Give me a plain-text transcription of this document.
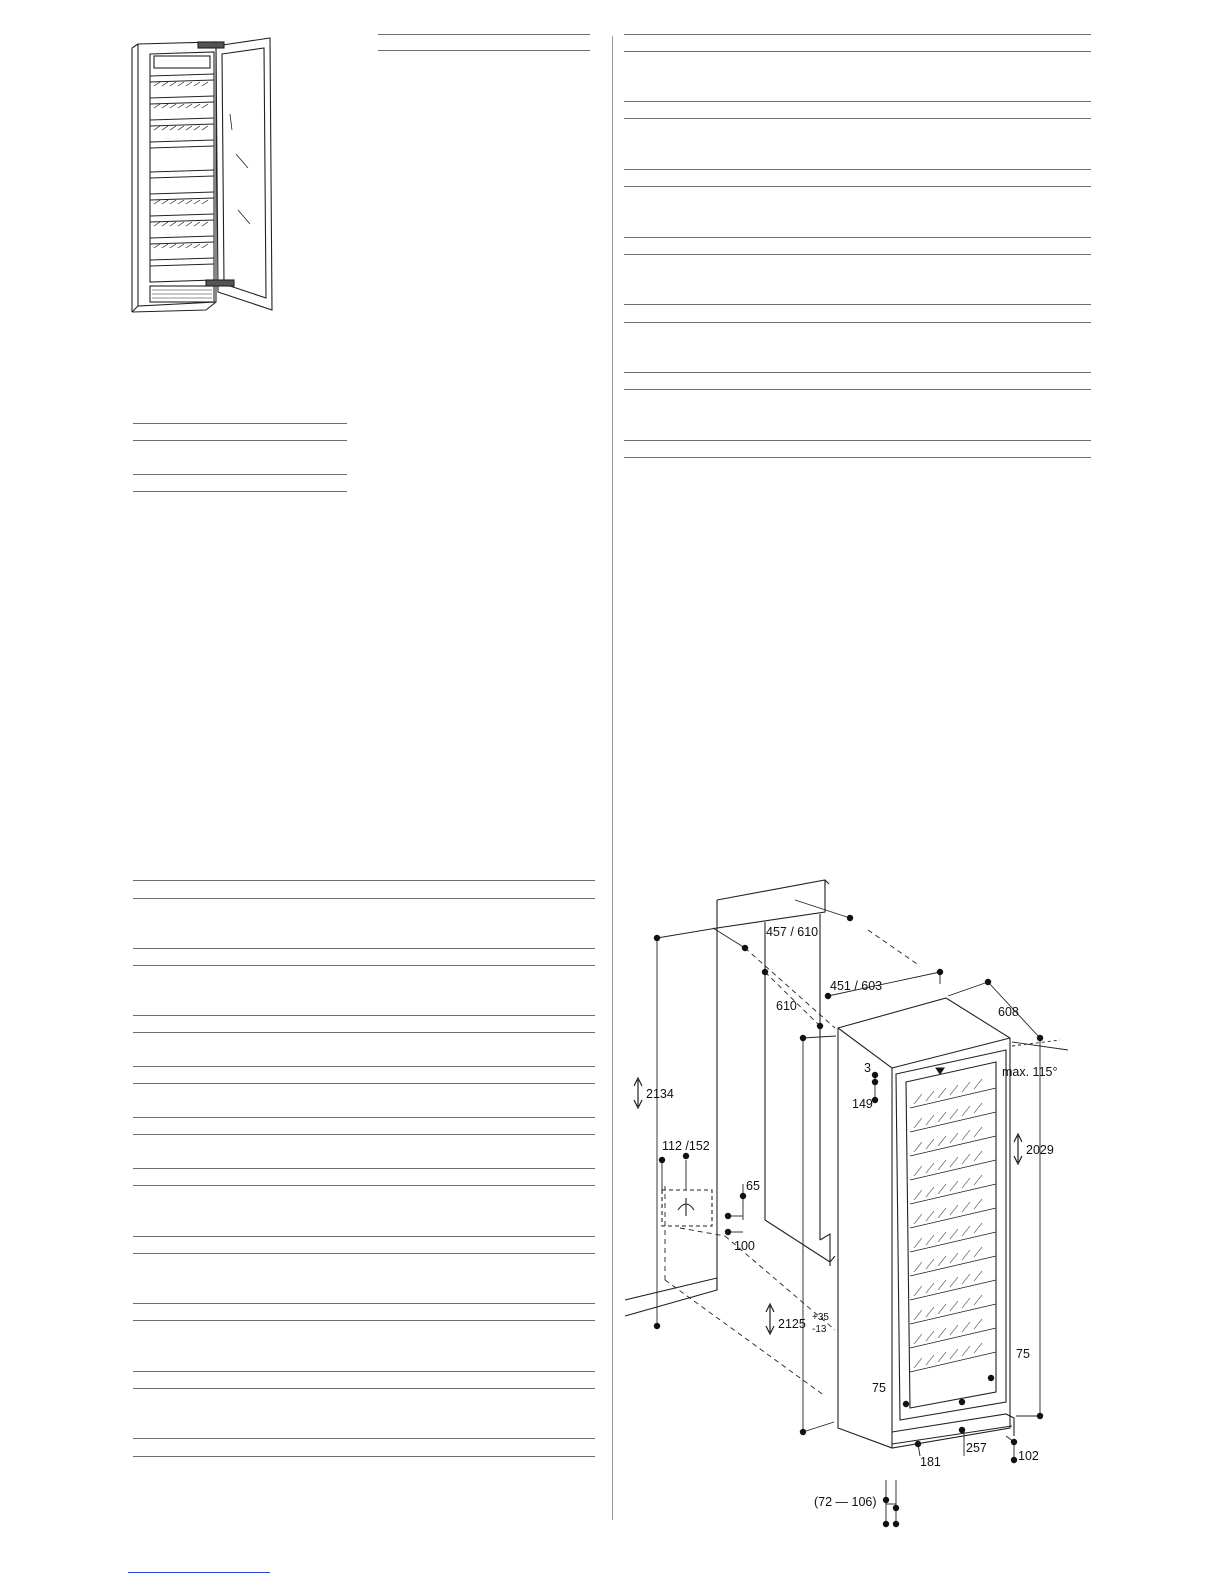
457 / 610
451 / 603
610	608
3	max. 115°
149
2134
2029
112 /152
65
100
2125 +35
-13
75
75
257
181	102
(72 — 106)
